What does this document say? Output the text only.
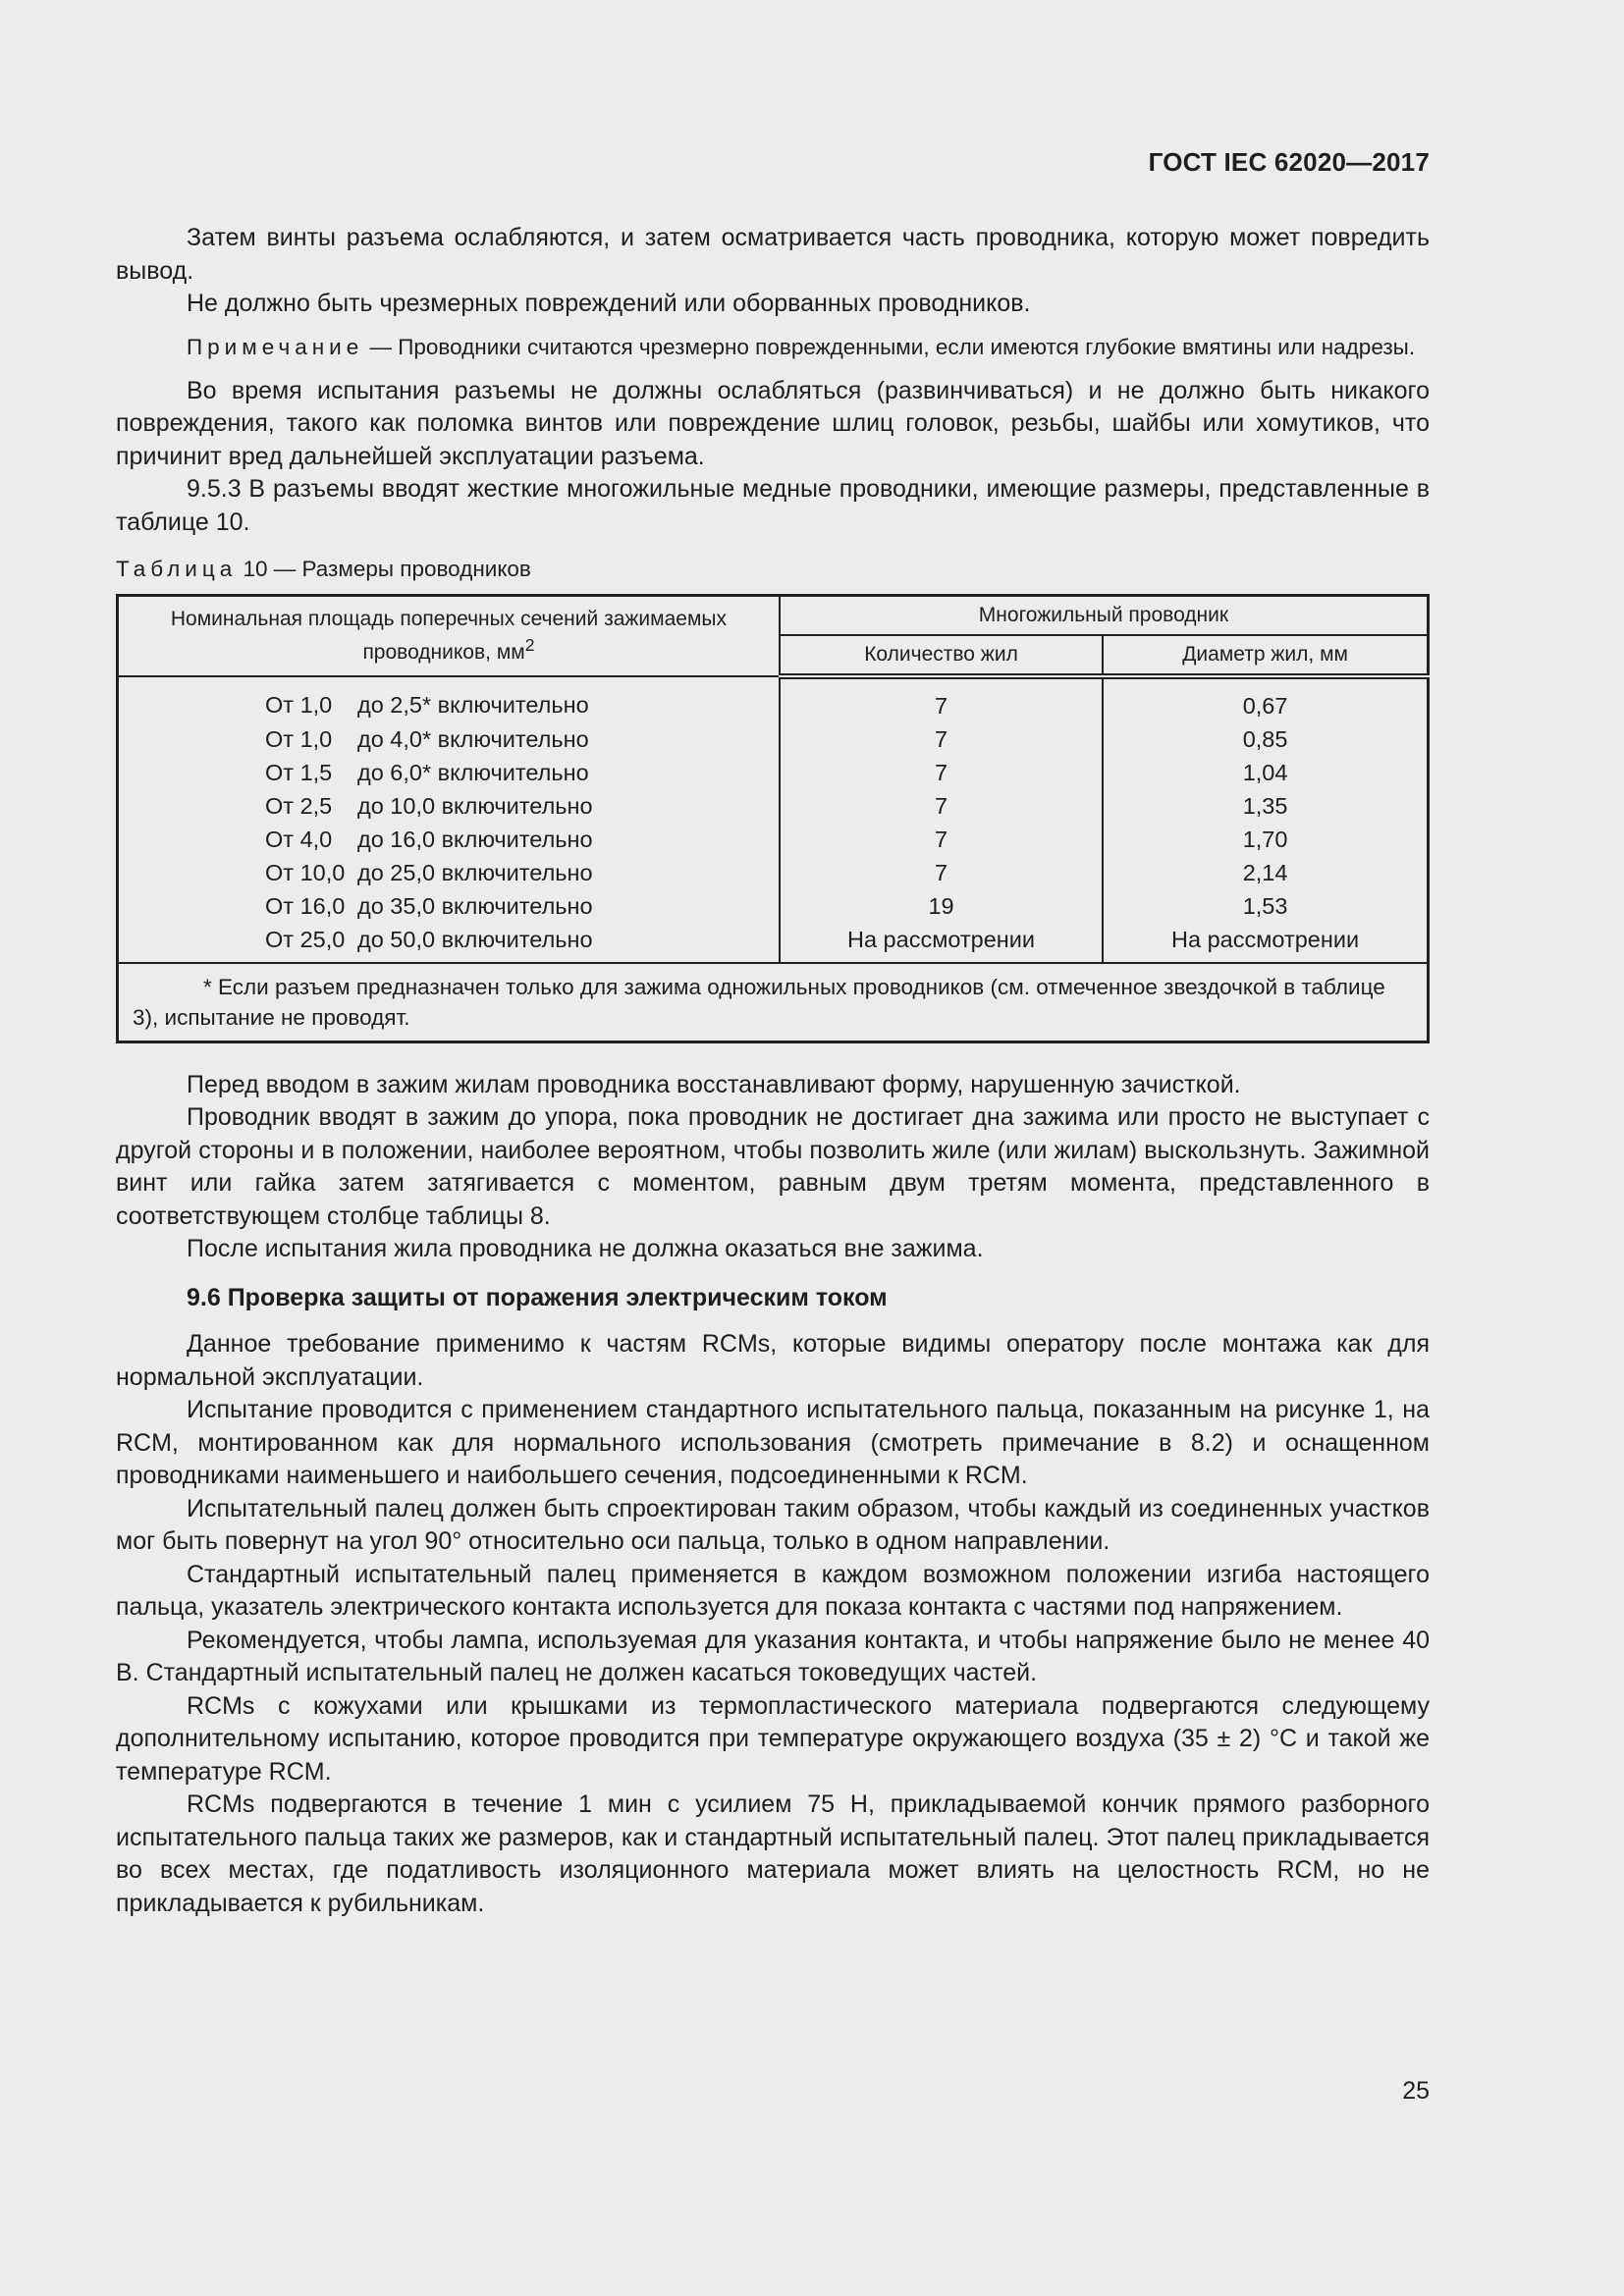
ГОСТ IEC 62020—2017

Затем винты разъема ослабляются, и затем осматривается часть проводника, которую может повредить вывод.

Не должно быть чрезмерных повреждений или оборванных проводников.

Примечание — Проводники считаются чрезмерно поврежденными, если имеются глубокие вмятины или надрезы.

Во время испытания разъемы не должны ослабляться (развинчиваться) и не должно быть никакого повреждения, такого как поломка винтов или повреждение шлиц головок, резьбы, шайбы или хомутиков, что причинит вред дальнейшей эксплуатации разъема.

9.5.3 В разъемы вводят жесткие многожильные медные проводники, имеющие размеры, представленные в таблице 10.

Таблица 10 — Размеры проводников

Номинальная площадь поперечных сечений зажимаемых проводников, $мм^2$	Многожильный проводник	
	Количество жил	Диаметр жил, мм
От 1,0 до 2,5* включительно	7	0,67
От 1,0 до 4,0* включительно	7	0,85
От 1,5 до 6,0* включительно	7	1,04
От 2,5 до 10,0 включительно	7	1,35
От 4,0 до 16,0 включительно	7	1,70
От 10,0 до 25,0 включительно	7	2,14
От 16,0 до 35,0 включительно	19	1,53
От 25,0 до 50,0 включительно	На рассмотрении	На рассмотрении

* Если разъем предназначен только для зажима одножильных проводников (см. отмеченное звездочкой в таблице 3), испытание не проводят.		

Перед вводом в зажим жилам проводника восстанавливают форму, нарушенную зачисткой.

Проводник вводят в зажим до упора, пока проводник не достигает дна зажима или просто не выступает с другой стороны и в положении, наиболее вероятном, чтобы позволить жиле (или жилам) выскользнуть. Зажимной винт или гайка затем затягивается с моментом, равным двум третям момента, представленного в соответствующем столбце таблицы 8.

После испытания жила проводника не должна оказаться вне зажима.

9.6 Проверка защиты от поражения электрическим током

Данное требование применимо к частям RCMs, которые видимы оператору после монтажа как для нормальной эксплуатации.

Испытание проводится с применением стандартного испытательного пальца, показанным на рисунке 1, на RCM, монтированном как для нормального использования (смотреть примечание в 8.2) и оснащенном проводниками наименьшего и наибольшего сечения, подсоединенными к RCM.

Испытательный палец должен быть спроектирован таким образом, чтобы каждый из соединенных участков мог быть повернут на угол 90° относительно оси пальца, только в одном направлении.

Стандартный испытательный палец применяется в каждом возможном положении изгиба настоящего пальца, указатель электрического контакта используется для показа контакта с частями под напряжением.

Рекомендуется, чтобы лампа, используемая для указания контакта, и чтобы напряжение было не менее 40 В. Стандартный испытательный палец не должен касаться токоведущих частей.

RCMs с кожухами или крышками из термопластического материала подвергаются следующему дополнительному испытанию, которое проводится при температуре окружающего воздуха (35 ± 2) °С и такой же температуре RCM.

RCMs подвергаются в течение 1 мин с усилием 75 Н, прикладываемой кончик прямого разборного испытательного пальца таких же размеров, как и стандартный испытательный палец. Этот палец прикладывается во всех местах, где податливость изоляционного материала может влиять на целостность RCM, но не прикладывается к рубильникам.

25
